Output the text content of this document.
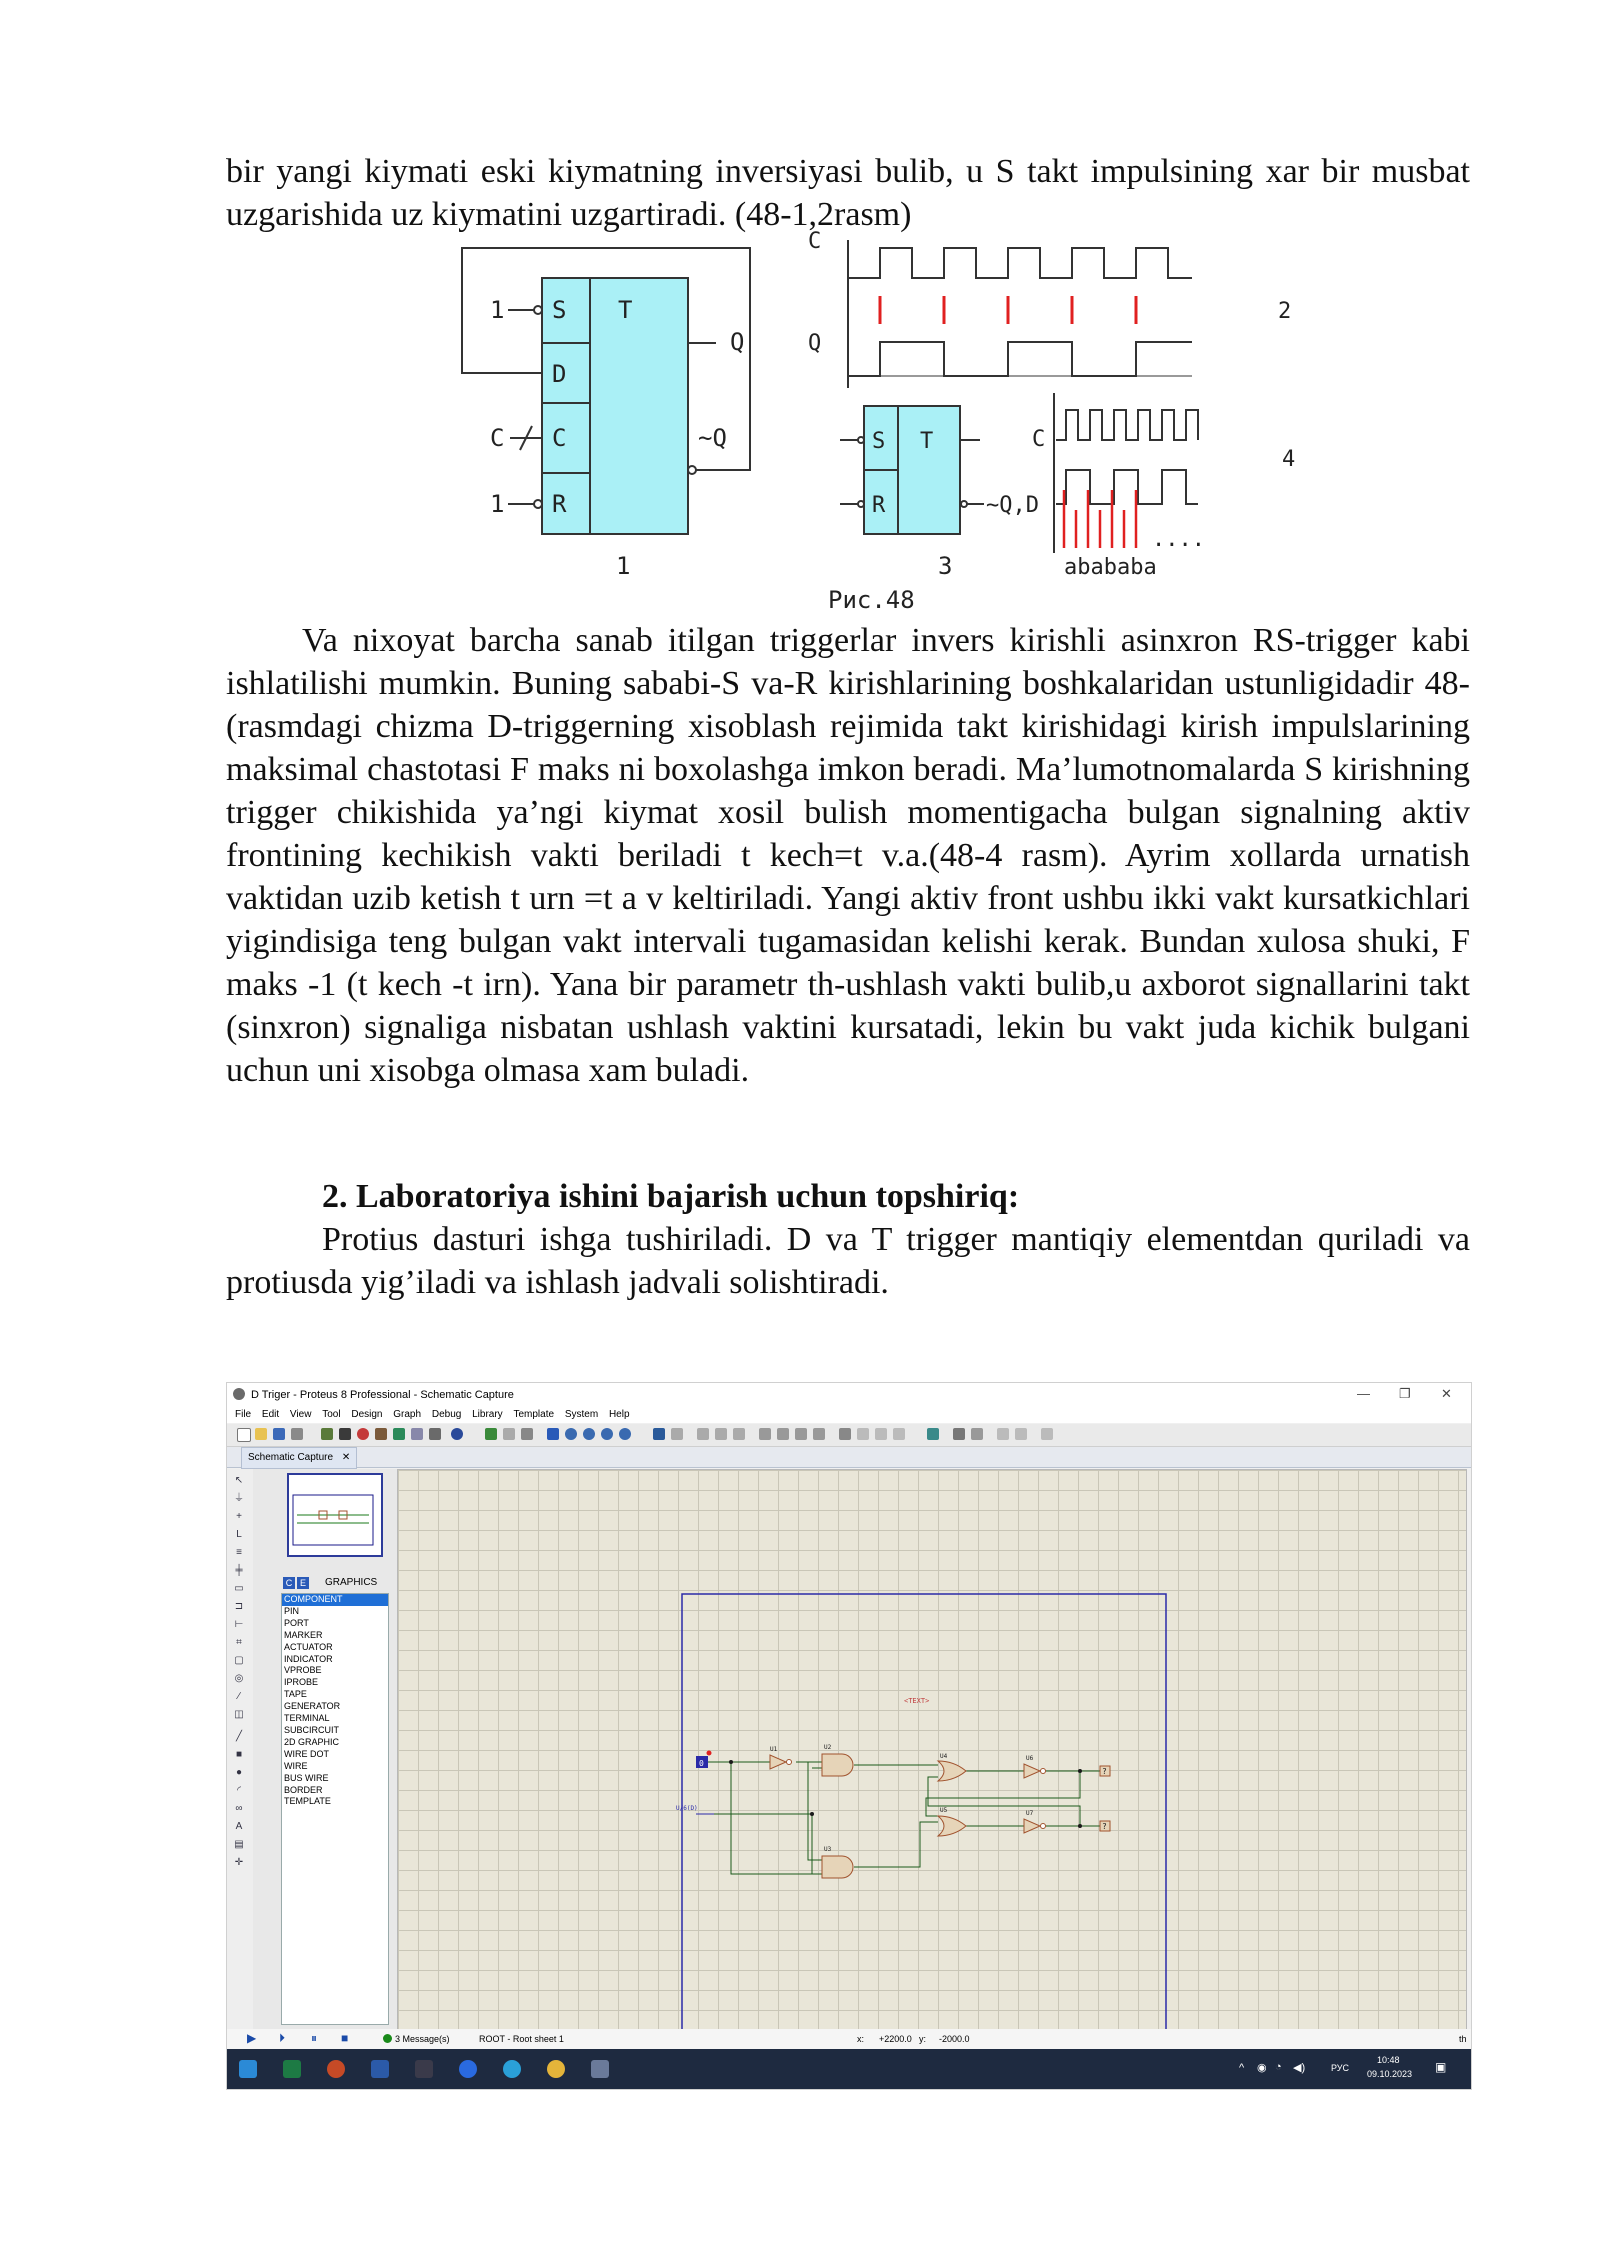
bir yangi kiymati eski kiymatning inversiyasi bulib, u S takt impulsining xar bir musbat uzgarishida uz kiymatini uzgartiradi. (48-1,2rasm)

S T
D
C
R
1
C
1
Q
~Q
1
C
Q
2
S T
R	~Q,D
3
C
....
abababa
4
Рис.48

Va nixoyat barcha sanab itilgan triggerlar invers kirishli asinxron RS-trigger kabi ishlatilishi mumkin. Buning sababi-S va-R kirishlarining boshkalaridan ustunligidadir 48-(rasmdagi chizma D-triggerning xisoblash rejimida takt kirishidagi kirish impulslarining maksimal chastotasi F maks ni boxolashga imkon beradi. Ma’lumotnomalarda S kirishning trigger chikishida ya’ngi kiymat xosil bulish momentigacha bulgan signalning aktiv frontining kechikish vakti beriladi t kech=t v.a.(48-4 rasm). Ayrim xollarda urnatish vaktidan uzib ketish t urn =t a v keltiriladi. Yangi aktiv front ushbu ikki vakt kursatkichlari yigindisiga teng bulgan vakt intervali tugamasidan kelishi kerak. Bundan xulosa shuki, F maks -1 (t kech -t irn). Yana bir parametr th-ushlash vakti bulib,u axborot signallarini takt (sinxron) signaliga nisbatan ushlash vaktini kursatadi, lekin bu vakt juda kichik bulgani uchun uni xisobga olmasa xam buladi.

2. Laboratoriya ishini bajarish uchun topshiriq:

Protius dasturi ishga tushiriladi. D va T trigger mantiqiy elementdan quriladi va protiusda yig’iladi va ishlash jadvali solishtiradi.

D Triger - Proteus 8 Professional - Schematic Capture	— ❐ ✕
File Edit View Tool Design Graph Debug Library Template System Help
Schematic Capture ✕
↖
⏚
+
L
≡
╪
▭
⊐
⊢
⌗
▢
◎
∕
◫
╱
■
●
◜
∞
A
▤
✛
C E	GRAPHICS
COMPONENT
PIN
PORT
MARKER
ACTUATOR
INDICATOR
VPROBE
IPROBE
TAPE
GENERATOR
TERMINAL
SUBCIRCUIT
2D GRAPHIC
WIRE DOT
WIRE
BUS WIRE
BORDER
TEMPLATE
<TEXT>
0
U/6(D)
U1	U2
U3
U4
U5
U6
U7
?
?
▶ ⏵ ⏸ ■	3 Message(s)	ROOT - Root sheet 1	x: +2200.0 y: -2000.0	th
^ ◉ ◔ ◀)	РУС
10:48
09.10.2023 ▣
